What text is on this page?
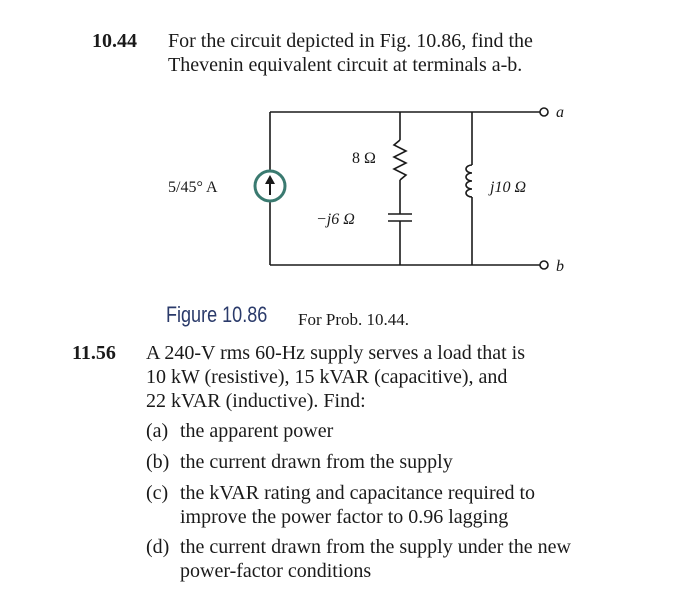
10.44 For the circuit depicted in Fig. 10.86, find the
Thevenin equivalent circuit at terminals a-b.
5/45° A
8 Ω
−j6 Ω
j10 Ω
a
b
Figure 10.86 For Prob. 10.44.
11.56 A 240-V rms 60-Hz supply serves a load that is
10 kW (resistive), 15 kVAR (capacitive), and
22 kVAR (inductive). Find:
(a) the apparent power
(b) the current drawn from the supply
(c) the kVAR rating and capacitance required to
improve the power factor to 0.96 lagging
(d) the current drawn from the supply under the new
power-factor conditions
